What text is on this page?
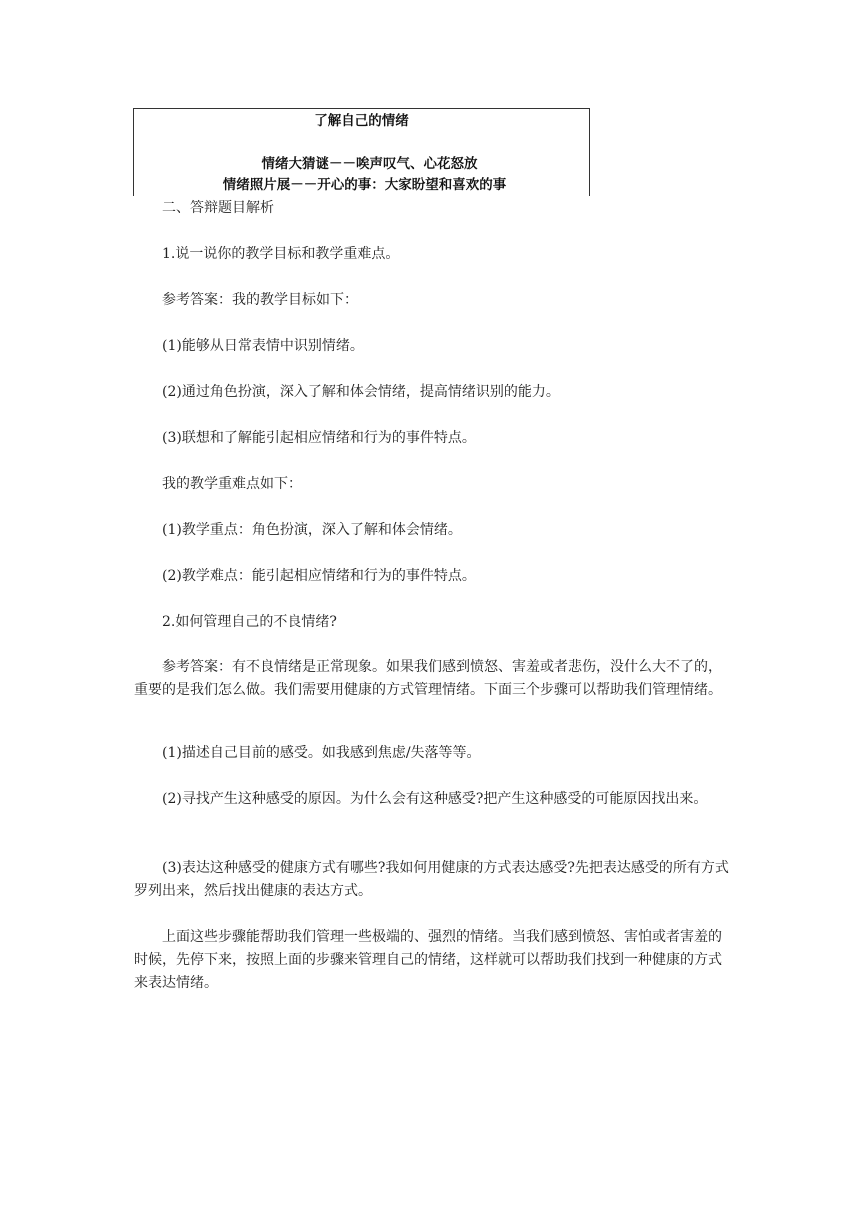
了解自己的情绪
情绪大猜谜－－唉声叹气、心花怒放
情绪照片展－－开心的事：大家盼望和喜欢的事

二、答辩题目解析

1.说一说你的教学目标和教学重难点。

参考答案：我的教学目标如下：

(1)能够从日常表情中识别情绪。

(2)通过角色扮演，深入了解和体会情绪，提高情绪识别的能力。

(3)联想和了解能引起相应情绪和行为的事件特点。

我的教学重难点如下：

(1)教学重点：角色扮演，深入了解和体会情绪。

(2)教学难点：能引起相应情绪和行为的事件特点。

2.如何管理自己的不良情绪?

参考答案：有不良情绪是正常现象。如果我们感到愤怒、害羞或者悲伤，没什么大不了的，重要的是我们怎么做。我们需要用健康的方式管理情绪。下面三个步骤可以帮助我们管理情绪。

(1)描述自己目前的感受。如我感到焦虑/失落等等。

(2)寻找产生这种感受的原因。为什么会有这种感受?把产生这种感受的可能原因找出来。

(3)表达这种感受的健康方式有哪些?我如何用健康的方式表达感受?先把表达感受的所有方式罗列出来，然后找出健康的表达方式。

上面这些步骤能帮助我们管理一些极端的、强烈的情绪。当我们感到愤怒、害怕或者害羞的时候，先停下来，按照上面的步骤来管理自己的情绪，这样就可以帮助我们找到一种健康的方式来表达情绪。
